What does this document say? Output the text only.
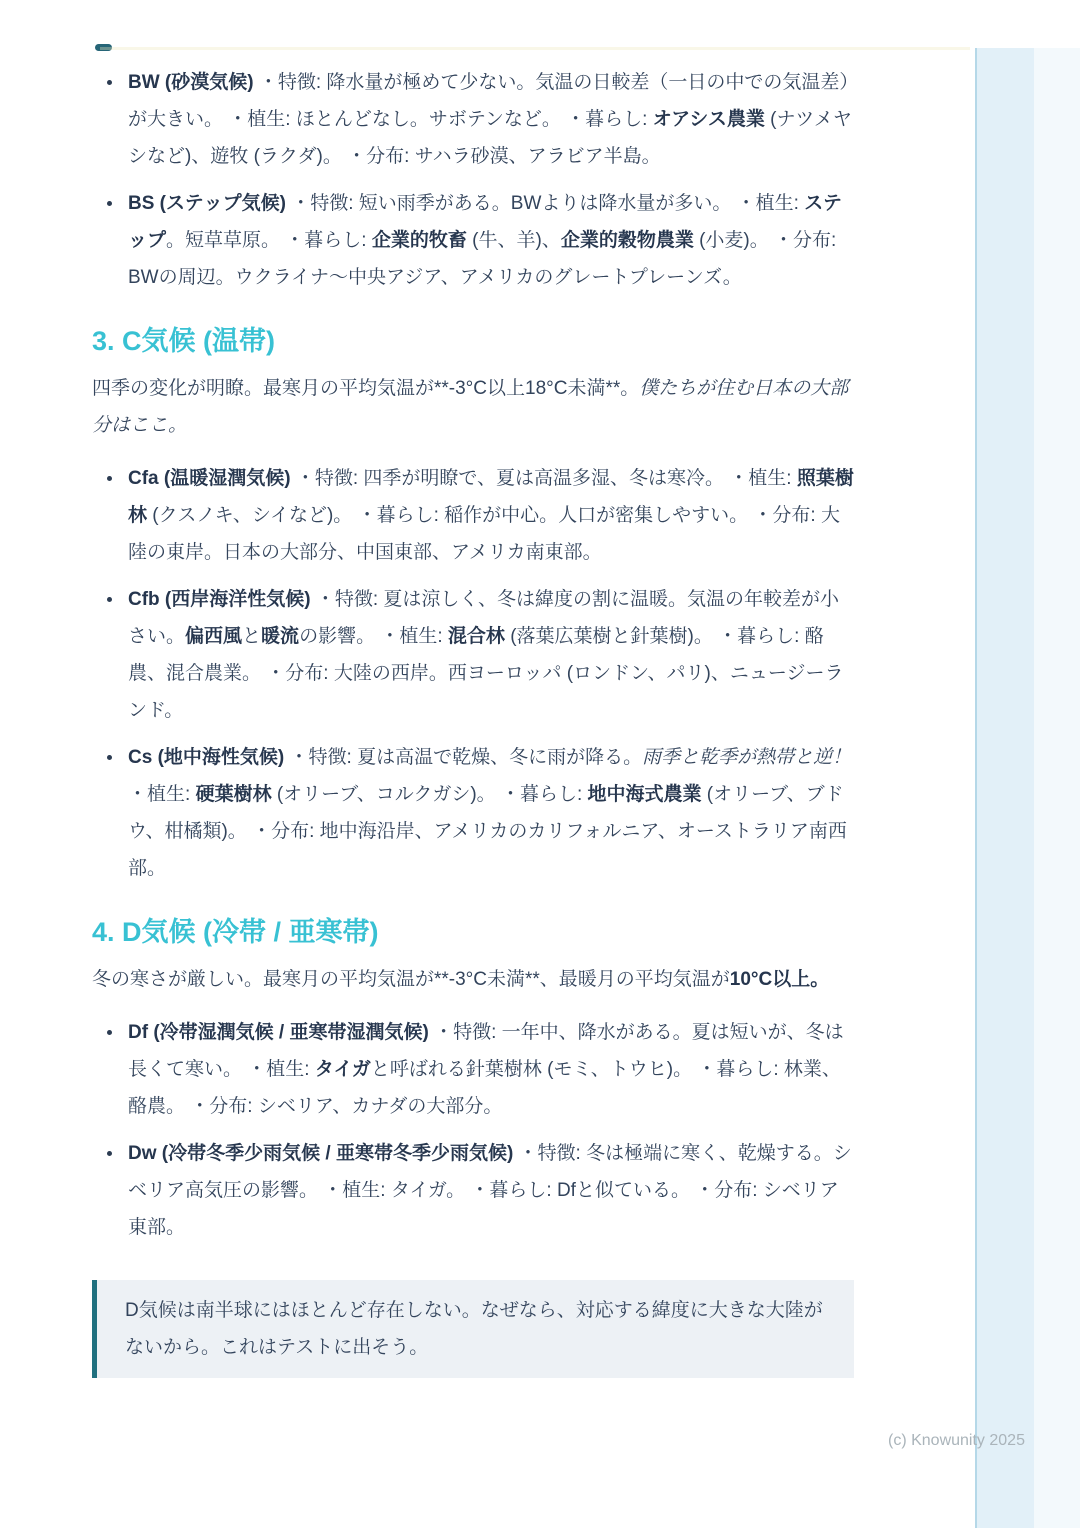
• BW (砂漠気候) ・特徴: 降水量が極めて少ない。気温の日較差（一日の中での気温差）が大きい。 ・植生: ほとんどなし。サボテンなど。 ・暮らし: オアシス農業 (ナツメヤシなど)、遊牧 (ラクダ)。 ・分布: サハラ砂漠、アラビア半島。
• BS (ステップ気候) ・特徴: 短い雨季がある。BWよりは降水量が多い。 ・植生: ステップ。短草草原。 ・暮らし: 企業的牧畜 (牛、羊)、企業的穀物農業 (小麦)。 ・分布: BWの周辺。ウクライナ〜中央アジア、アメリカのグレートプレーンズ。
3. C気候 (温帯)

四季の変化が明瞭。最寒月の平均気温が**-3°C以上18°C未満**。僕たちが住む日本の大部分はここ。

• Cfa (温暖湿潤気候) ・特徴: 四季が明瞭で、夏は高温多湿、冬は寒冷。 ・植生: 照葉樹林 (クスノキ、シイなど)。 ・暮らし: 稲作が中心。人口が密集しやすい。 ・分布: 大陸の東岸。日本の大部分、中国東部、アメリカ南東部。
• Cfb (西岸海洋性気候) ・特徴: 夏は涼しく、冬は緯度の割に温暖。気温の年較差が小さい。偏西風と暖流の影響。 ・植生: 混合林 (落葉広葉樹と針葉樹)。 ・暮らし: 酪農、混合農業。 ・分布: 大陸の西岸。西ヨーロッパ (ロンドン、パリ)、ニュージーランド。
• Cs (地中海性気候) ・特徴: 夏は高温で乾燥、冬に雨が降る。雨季と乾季が熱帯と逆！ ・植生: 硬葉樹林 (オリーブ、コルクガシ)。 ・暮らし: 地中海式農業 (オリーブ、ブドウ、柑橘類)。 ・分布: 地中海沿岸、アメリカのカリフォルニア、オーストラリア南西部。
4. D気候 (冷帯 / 亜寒帯)

冬の寒さが厳しい。最寒月の平均気温が**-3°C未満**、最暖月の平均気温が10°C以上。

• Df (冷帯湿潤気候 / 亜寒帯湿潤気候) ・特徴: 一年中、降水がある。夏は短いが、冬は長くて寒い。 ・植生: タイガと呼ばれる針葉樹林 (モミ、トウヒ)。 ・暮らし: 林業、酪農。 ・分布: シベリア、カナダの大部分。
• Dw (冷帯冬季少雨気候 / 亜寒帯冬季少雨気候) ・特徴: 冬は極端に寒く、乾燥する。シベリア高気圧の影響。 ・植生: タイガ。 ・暮らし: Dfと似ている。 ・分布: シベリア東部。

D気候は南半球にはほとんど存在しない。なぜなら、対応する緯度に大きな大陸がないから。これはテストに出そう。

(c) Knowunity 2025
